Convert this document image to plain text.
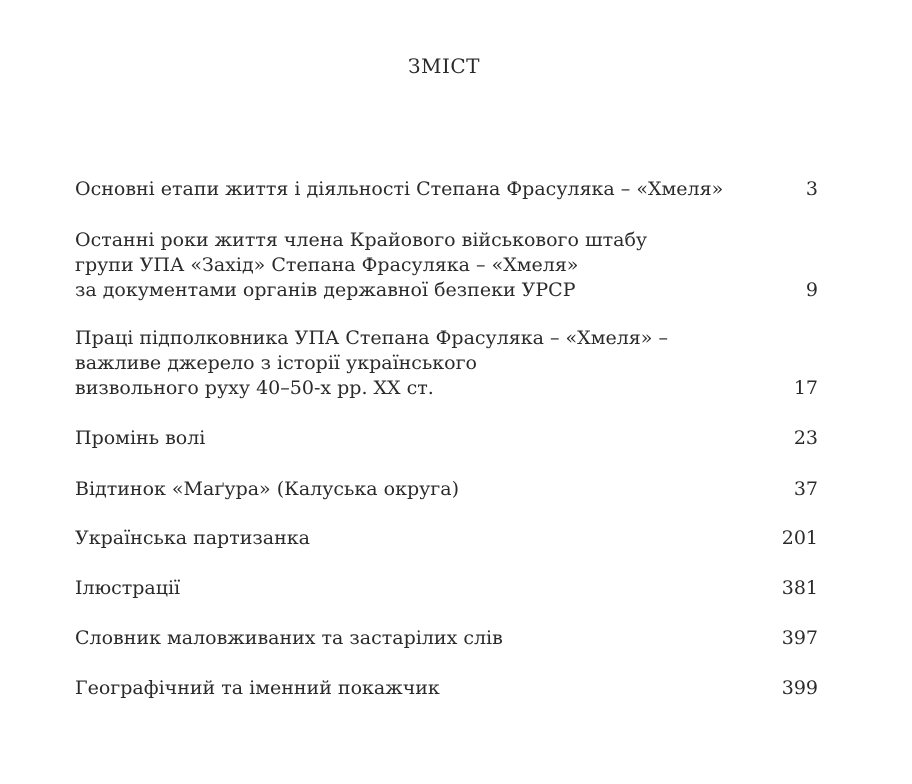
ЗМІСТ
Основні етапи життя і діяльності Степана Фрасуляка – «Хмеля»	3
Останні роки життя члена Крайового військового штабу
групи УПА «Захід» Степана Фрасуляка – «Хмеля»
за документами органів державної безпеки УРСР	9
Праці підполковника УПА Степана Фрасуляка – «Хмеля» –
важливе джерело з історії українського
визвольного руху 40–50-х рр. ХХ ст.	17
Промінь волі	23
Відтинок «Маґура» (Калуська округа)	37
Українська партизанка	201
Ілюстрації	381
Словник маловживаних та застарілих слів	397
Географічний та іменний покажчик	399
